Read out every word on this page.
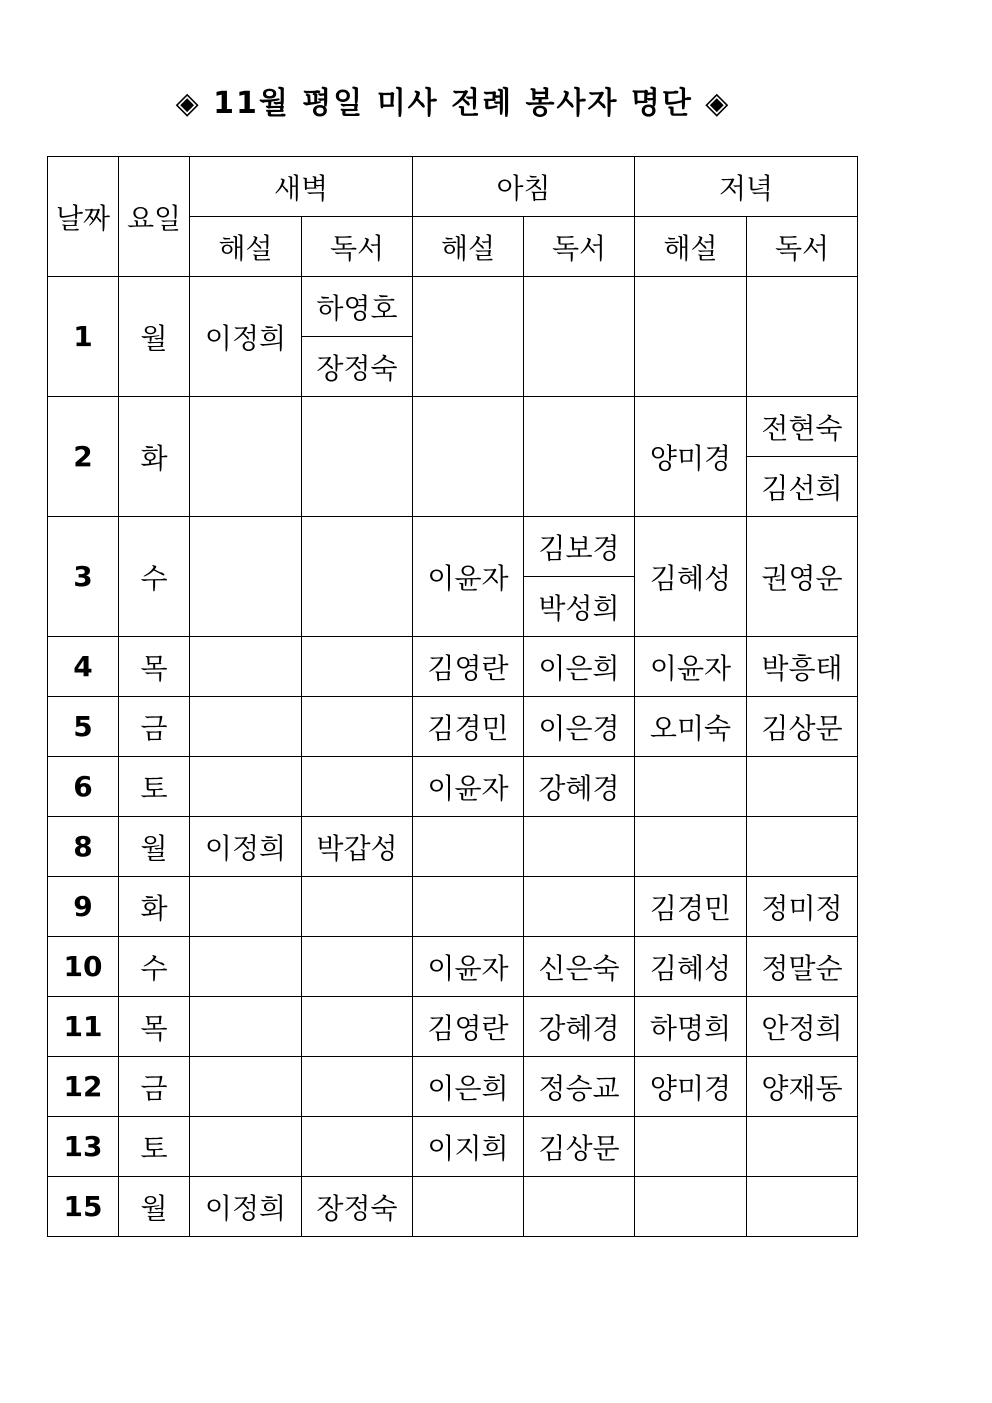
◈ 11월 평일 미사 전례 봉사자 명단 ◈
날짜	요일	새벽		아침		저녁	
		해설	독서	해설	독서	해설	독서
1	월	이정희	하영호				
			장정숙				
2	화					양미경	전현숙
							김선희
3	수			이윤자	김보경	김혜성	권영운
					박성희		
4	목			김영란	이은희	이윤자	박흥태
5	금			김경민	이은경	오미숙	김상문
6	토			이윤자	강혜경		
8	월	이정희	박갑성				
9	화					김경민	정미정
10	수			이윤자	신은숙	김혜성	정말순
11	목			김영란	강혜경	하명희	안정희
12	금			이은희	정승교	양미경	양재동
13	토			이지희	김상문		
15	월	이정희	장정숙				
